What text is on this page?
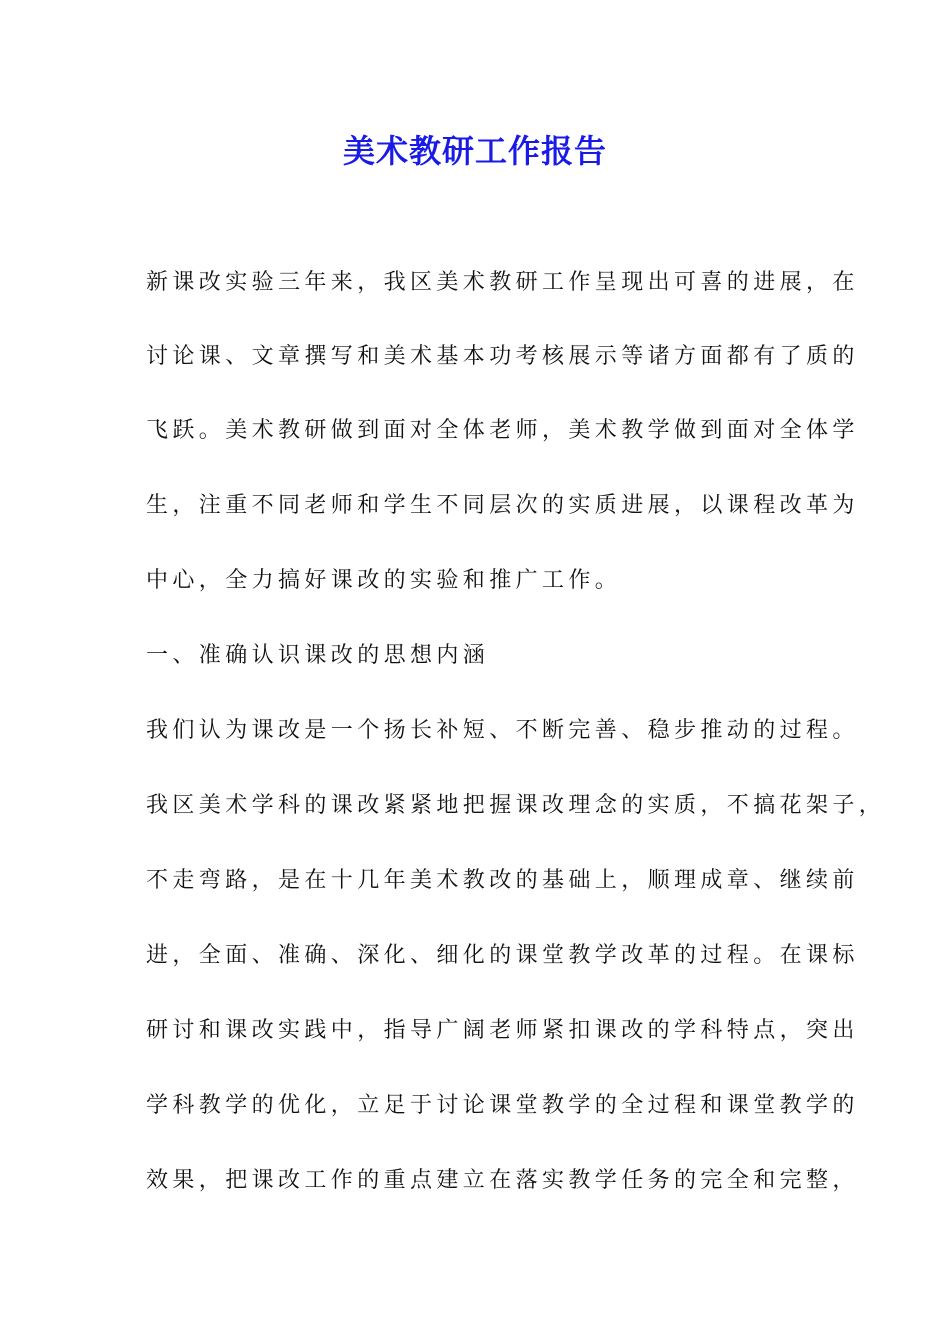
美术教研工作报告
新课改实验三年来，我区美术教研工作呈现出可喜的进展，在
讨论课、文章撰写和美术基本功考核展示等诸方面都有了质的
飞跃。美术教研做到面对全体老师，美术教学做到面对全体学
生，注重不同老师和学生不同层次的实质进展，以课程改革为
中心，全力搞好课改的实验和推广工作。
一、准确认识课改的思想内涵
我们认为课改是一个扬长补短、不断完善、稳步推动的过程。
我区美术学科的课改紧紧地把握课改理念的实质，不搞花架子，
不走弯路，是在十几年美术教改的基础上，顺理成章、继续前
进，全面、准确、深化、细化的课堂教学改革的过程。在课标
研讨和课改实践中，指导广阔老师紧扣课改的学科特点，突出
学科教学的优化，立足于讨论课堂教学的全过程和课堂教学的
效果，把课改工作的重点建立在落实教学任务的完全和完整，
